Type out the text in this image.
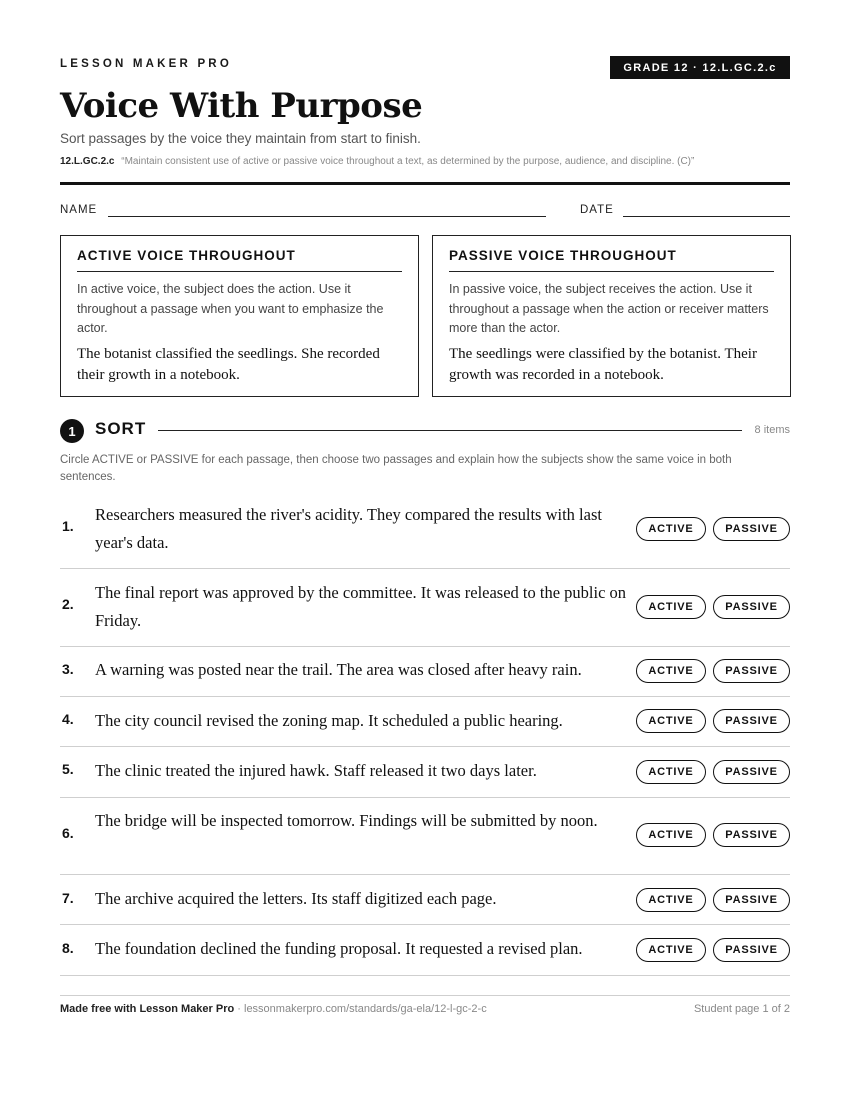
LESSON MAKER PRO	GRADE 12 · 12.L.GC.2.c
Voice With Purpose
Sort passages by the voice they maintain from start to finish.
12.L.GC.2.c “Maintain consistent use of active or passive voice throughout a text, as determined by the purpose, audience, and discipline. (C)”
NAME	DATE
ACTIVE VOICE THROUGHOUT
In active voice, the subject does the action. Use it throughout a passage when you want to emphasize the actor.
The botanist classified the seedlings. She recorded their growth in a notebook.
PASSIVE VOICE THROUGHOUT
In passive voice, the subject receives the action. Use it throughout a passage when the action or receiver matters more than the actor.
The seedlings were classified by the botanist. Their growth was recorded in a notebook.
1	SORT	8 items
Circle ACTIVE or PASSIVE for each passage, then choose two passages and explain how the subjects show the same voice in both sentences.
1.
Researchers measured the river's acidity. They compared the results with last year's data.
ACTIVE	PASSIVE
2.
The final report was approved by the committee. It was released to the public on Friday.
ACTIVE	PASSIVE
3. A warning was posted near the trail. The area was closed after heavy rain.	ACTIVE	PASSIVE
4. The city council revised the zoning map. It scheduled a public hearing.	ACTIVE	PASSIVE
5. The clinic treated the injured hawk. Staff released it two days later.	ACTIVE	PASSIVE
6.
The bridge will be inspected tomorrow. Findings will be submitted by noon.
ACTIVE	PASSIVE
7. The archive acquired the letters. Its staff digitized each page.	ACTIVE	PASSIVE
8. The foundation declined the funding proposal. It requested a revised plan.	ACTIVE	PASSIVE
Made free with Lesson Maker Pro · lessonmakerpro.com/standards/ga-ela/12-l-gc-2-c	Student page 1 of 2
